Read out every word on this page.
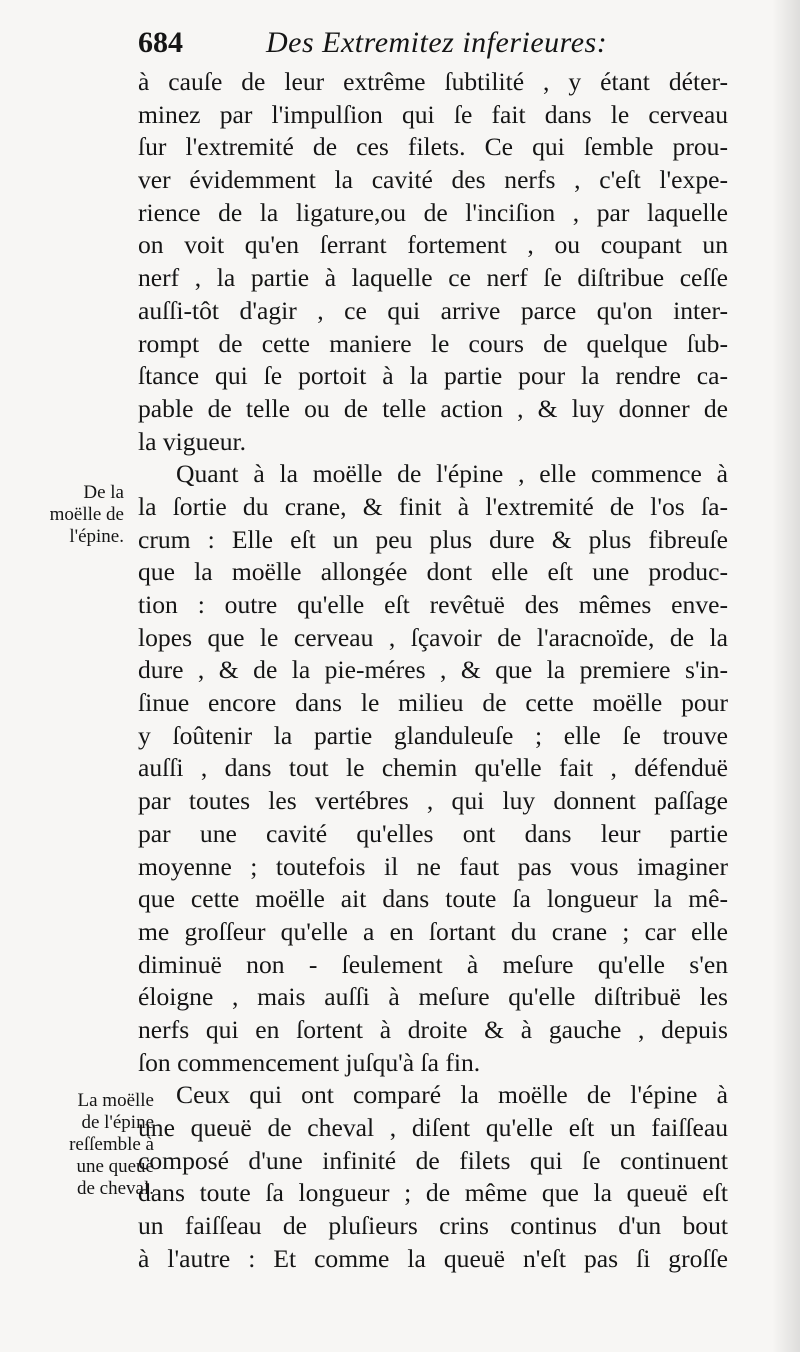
684	Des Extremitez inferieures:
De la
moëlle de
l'épine.
La moëlle
de l'épine
reſſemble à
une queuë
de cheval.
à cauſe de leur extrême ſubtilité , y étant déter-
minez par l'impulſion qui ſe fait dans le cerveau
ſur l'extremité de ces filets. Ce qui ſemble prou-
ver évidemment la cavité des nerfs , c'eſt l'expe-
rience de la ligature,ou de l'inciſion , par laquelle
on voit qu'en ſerrant fortement , ou coupant un
nerf , la partie à laquelle ce nerf ſe diſtribue ceſſe
auſſi-tôt d'agir , ce qui arrive parce qu'on inter-
rompt de cette maniere le cours de quelque ſub-
ſtance qui ſe portoit à la partie pour la rendre ca-
pable de telle ou de telle action , & luy donner de
la vigueur.
Quant à la moëlle de l'épine , elle commence à
la ſortie du crane, & finit à l'extremité de l'os ſa-
crum : Elle eſt un peu plus dure & plus fibreuſe
que la moëlle allongée dont elle eſt une produc-
tion : outre qu'elle eſt revêtuë des mêmes enve-
lopes que le cerveau , ſçavoir de l'aracnoïde, de la
dure , & de la pie-méres , & que la premiere s'in-
ſinue encore dans le milieu de cette moëlle pour
y ſoûtenir la partie glanduleuſe ; elle ſe trouve
auſſi , dans tout le chemin qu'elle fait , défenduë
par toutes les vertébres , qui luy donnent paſſage
par une cavité qu'elles ont dans leur partie
moyenne ; toutefois il ne faut pas vous imaginer
que cette moëlle ait dans toute ſa longueur la mê-
me groſſeur qu'elle a en ſortant du crane ; car elle
diminuë non - ſeulement à meſure qu'elle s'en
éloigne , mais auſſi à meſure qu'elle diſtribuë les
nerfs qui en ſortent à droite & à gauche , depuis
ſon commencement juſqu'à ſa fin.
Ceux qui ont comparé la moëlle de l'épine à
une queuë de cheval , diſent qu'elle eſt un faiſſeau
composé d'une infinité de filets qui ſe continuent
dans toute ſa longueur ; de même que la queuë eſt
un faiſſeau de pluſieurs crins continus d'un bout
à l'autre : Et comme la queuë n'eſt pas ſi groſſe
